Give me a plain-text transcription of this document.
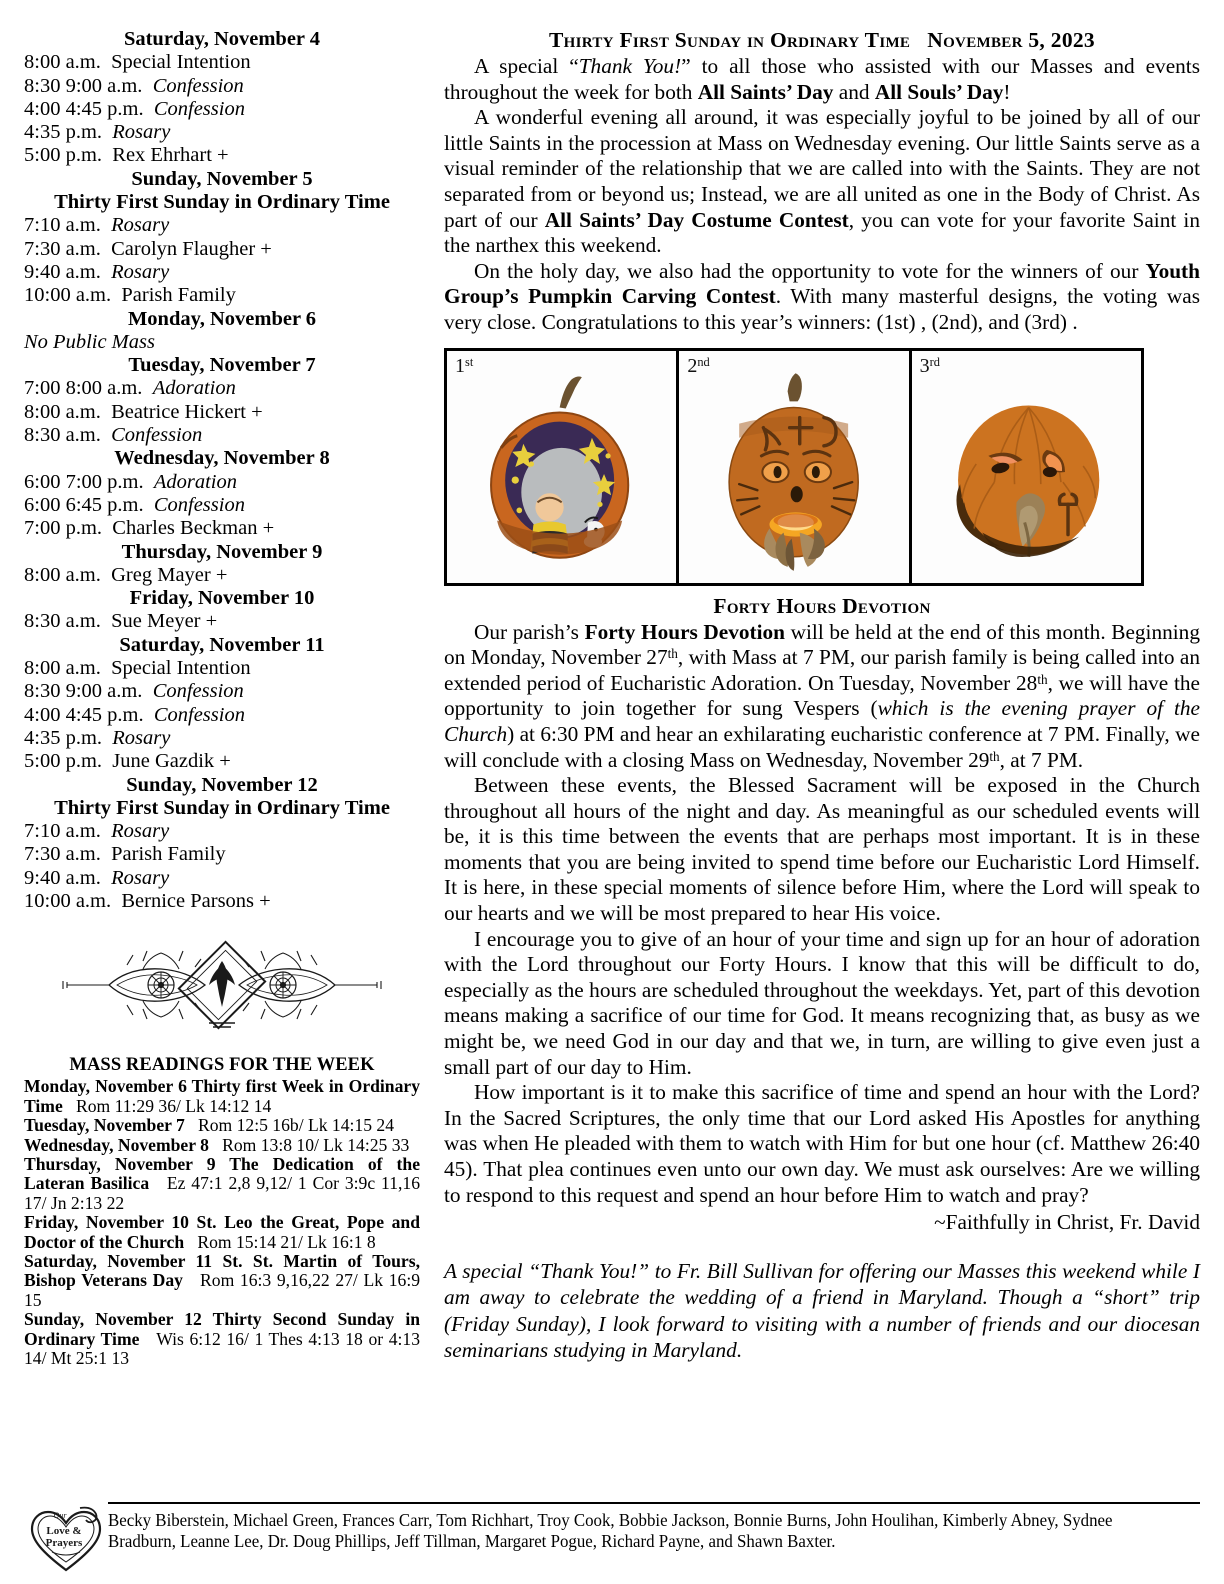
Saturday, November 4
8:00 a.m. Special Intention
8:30 9:00 a.m. Confession
4:00 4:45 p.m. Confession
4:35 p.m. Rosary
5:00 p.m. Rex Ehrhart +
Sunday, November 5
Thirty First Sunday in Ordinary Time
7:10 a.m. Rosary
7:30 a.m. Carolyn Flaugher +
9:40 a.m. Rosary
10:00 a.m. Parish Family
Monday, November 6
No Public Mass
Tuesday, November 7
7:00 8:00 a.m. Adoration
8:00 a.m. Beatrice Hickert +
8:30 a.m. Confession
Wednesday, November 8
6:00 7:00 p.m. Adoration
6:00 6:45 p.m. Confession
7:00 p.m. Charles Beckman +
Thursday, November 9
8:00 a.m. Greg Mayer +
Friday, November 10
8:30 a.m. Sue Meyer +
Saturday, November 11
8:00 a.m. Special Intention
8:30 9:00 a.m. Confession
4:00 4:45 p.m. Confession
4:35 p.m. Rosary
5:00 p.m. June Gazdik +
Sunday, November 12
Thirty First Sunday in Ordinary Time
7:10 a.m. Rosary
7:30 a.m. Parish Family
9:40 a.m. Rosary
10:00 a.m. Bernice Parsons +
MASS READINGS FOR THE WEEK

Monday, November 6 Thirty first Week in Ordinary Time Rom 11:29 36/ Lk 14:12 14

Tuesday, November 7 Rom 12:5 16b/ Lk 14:15 24

Wednesday, November 8 Rom 13:8 10/ Lk 14:25 33

Thursday, November 9 The Dedication of the Lateran Basilica Ez 47:1 2,8 9,12/ 1 Cor 3:9c 11,16 17/ Jn 2:13 22

Friday, November 10 St. Leo the Great, Pope and Doctor of the Church Rom 15:14 21/ Lk 16:1 8

Saturday, November 11 St. St. Martin of Tours, Bishop Veterans Day Rom 16:3 9,16,22 27/ Lk 16:9 15

Sunday, November 12 Thirty Second Sunday in Ordinary Time Wis 6:12 16/ 1 Thes 4:13 18 or 4:13 14/ Mt 25:1 13

Thirty First Sunday in Ordinary Time November 5, 2023

A special “Thank You!” to all those who assisted with our Masses and events throughout the week for both All Saints’ Day and All Souls’ Day!

A wonderful evening all around, it was especially joyful to be joined by all of our little Saints in the procession at Mass on Wednesday evening. Our little Saints serve as a visual reminder of the relationship that we are called into with the Saints. They are not separated from or beyond us; Instead, we are all united as one in the Body of Christ. As part of our All Saints’ Day Costume Contest, you can vote for your favorite Saint in the narthex this weekend.

On the holy day, we also had the opportunity to vote for the winners of our Youth Group’s Pumpkin Carving Contest. With many masterful designs, the voting was very close. Congratulations to this year’s winners: (1st) , (2nd), and (3rd) .

1st	2nd	3rd
Forty Hours Devotion

Our parish’s Forty Hours Devotion will be held at the end of this month. Beginning on Monday, November 27th, with Mass at 7 PM, our parish family is being called into an extended period of Eucharistic Adoration. On Tuesday, November 28th, we will have the opportunity to join together for sung Vespers (which is the evening prayer of the Church) at 6:30 PM and hear an exhilarating eucharistic conference at 7 PM. Finally, we will conclude with a closing Mass on Wednesday, November 29th, at 7 PM.

Between these events, the Blessed Sacrament will be exposed in the Church throughout all hours of the night and day. As meaningful as our scheduled events will be, it is this time between the events that are perhaps most important. It is in these moments that you are being invited to spend time before our Eucharistic Lord Himself. It is here, in these special moments of silence before Him, where the Lord will speak to our hearts and we will be most prepared to hear His voice.

I encourage you to give of an hour of your time and sign up for an hour of adoration with the Lord throughout our Forty Hours. I know that this will be difficult to do, especially as the hours are scheduled throughout the weekdays. Yet, part of this devotion means making a sacrifice of our time for God. It means recognizing that, as busy as we might be, we need God in our day and that we, in turn, are willing to give even just a small part of our day to Him.

How important is it to make this sacrifice of time and spend an hour with the Lord? In the Sacred Scriptures, the only time that our Lord asked His Apostles for anything was when He pleaded with them to watch with Him for but one hour (cf. Matthew 26:40 45). That plea continues even unto our own day. We must ask ourselves: Are we willing to respond to this request and spend an hour before Him to watch and pray?

~Faithfully in Christ, Fr. David
A special “Thank You!” to Fr. Bill Sullivan for offering our Masses this weekend while I am away to celebrate the wedding of a friend in Maryland. Though a “short” trip (Friday Sunday), I look forward to visiting with a number of friends and our diocesan seminarians studying in Maryland.
Our
Love &
Prayers
Becky Biberstein, Michael Green, Frances Carr, Tom Richhart, Troy Cook, Bobbie Jackson, Bonnie Burns, John Houlihan, Kimberly Abney, Sydnee Bradburn, Leanne Lee, Dr. Doug Phillips, Jeff Tillman, Margaret Pogue, Richard Payne, and Shawn Baxter.
